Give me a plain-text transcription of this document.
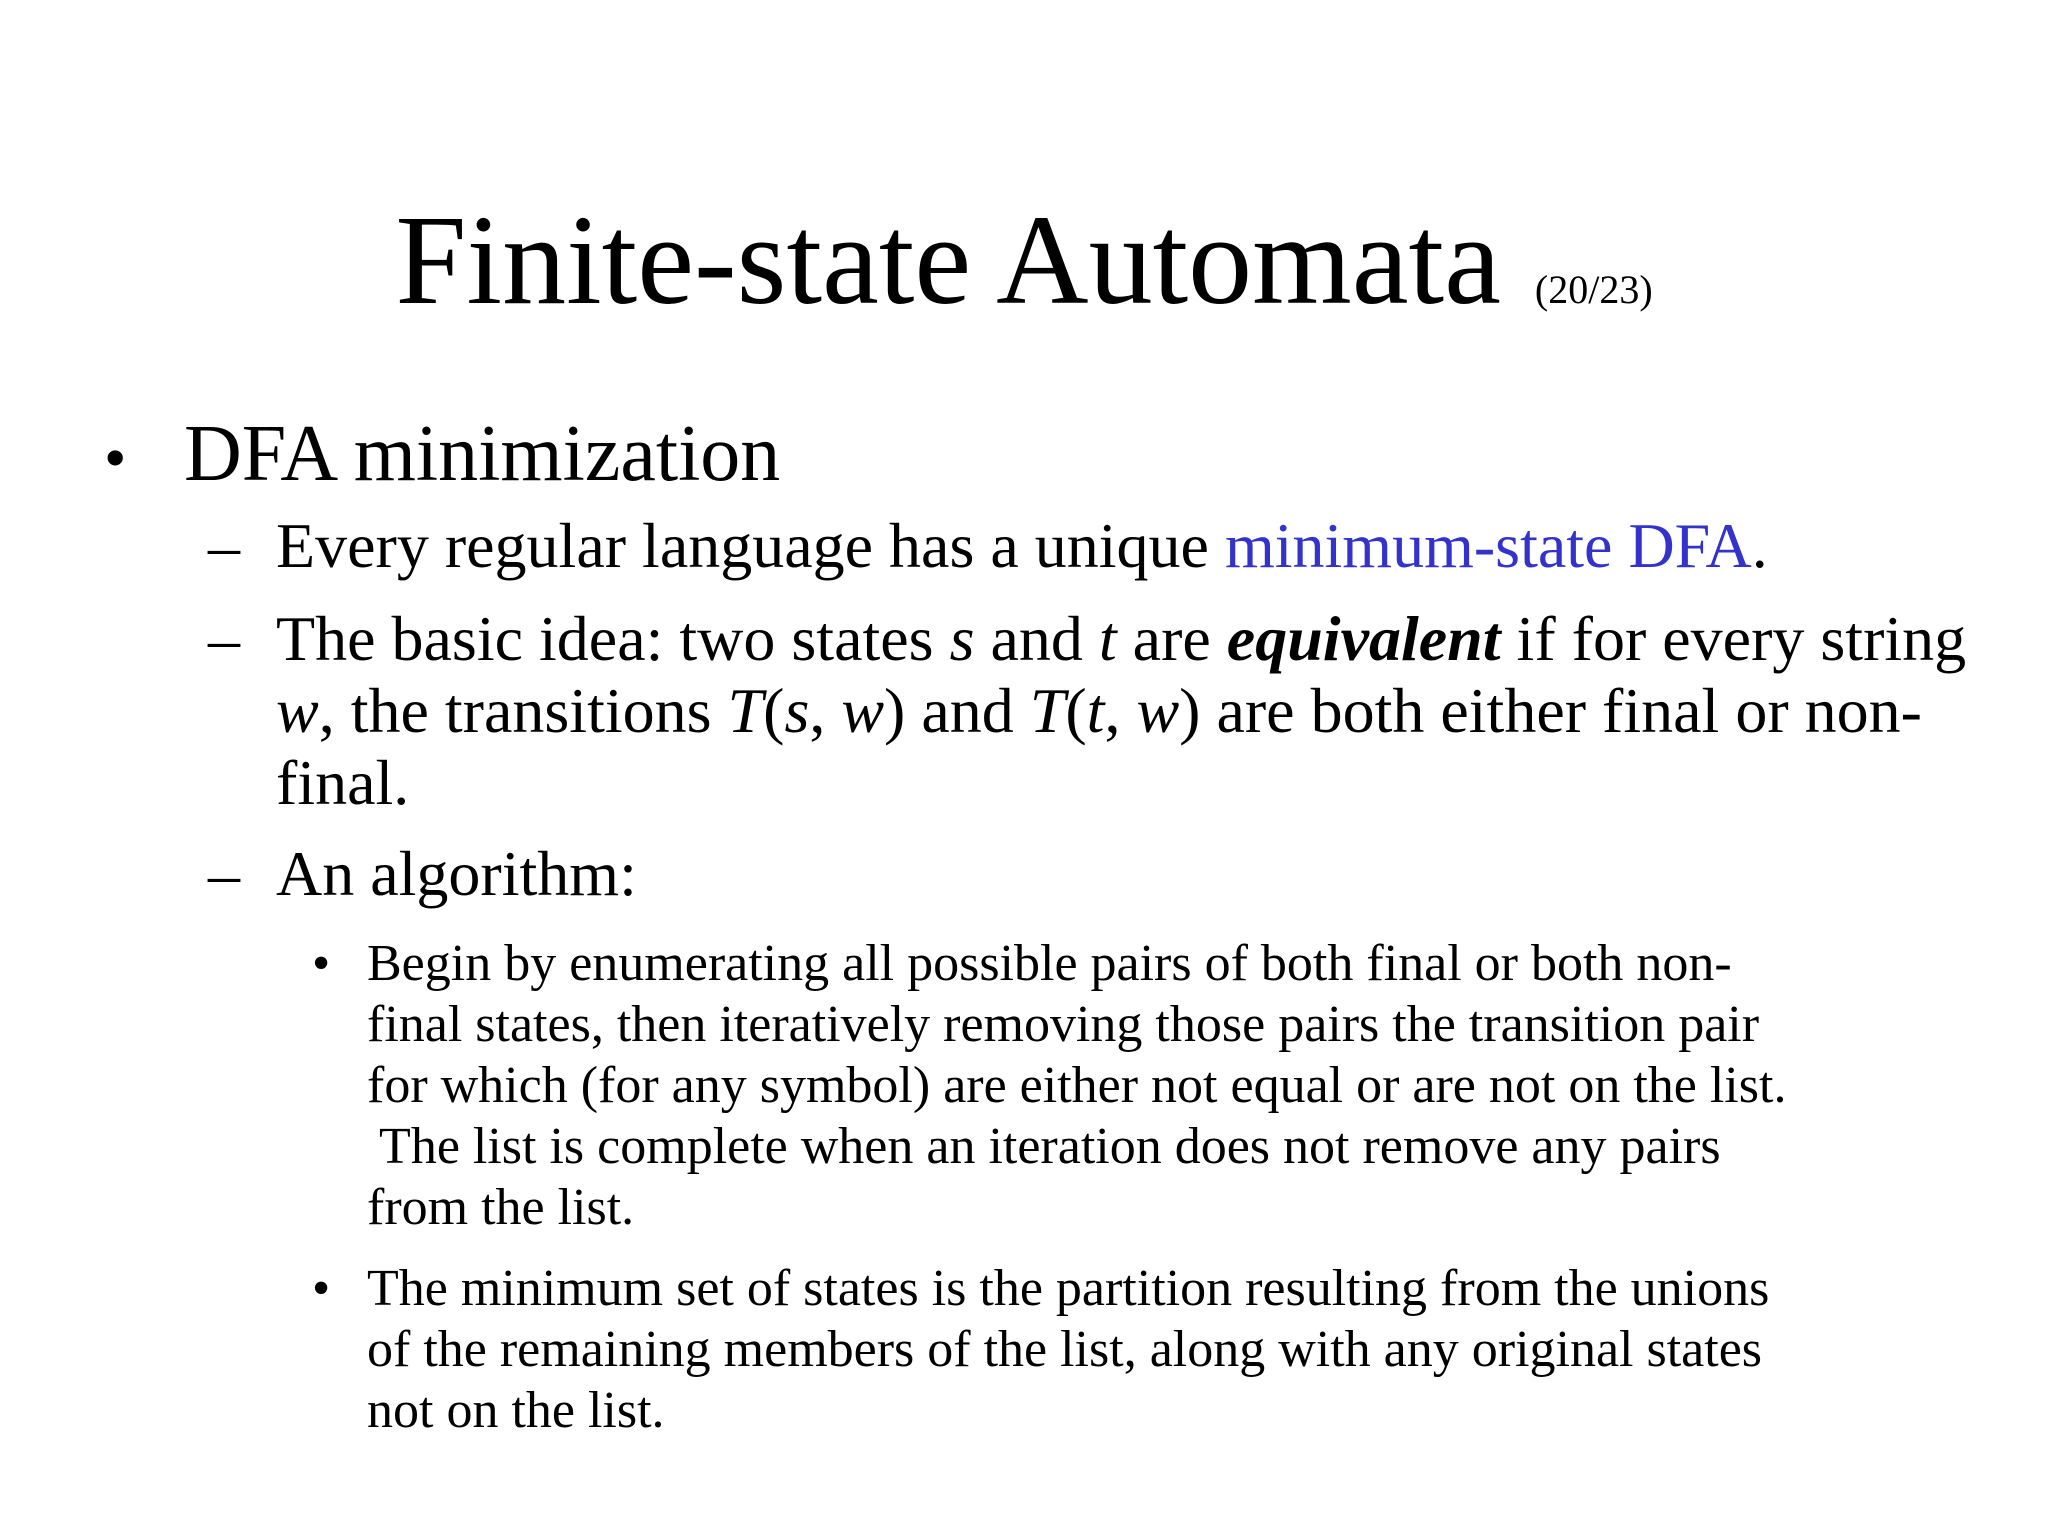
Finite-state Automata (20/23)
• DFA minimization
– Every regular language has a unique minimum-state DFA.
– The basic idea: two states s and t are equivalent if for every string w, the transitions T(s, w) and T(t, w) are both either final or non-final.
– An algorithm:
• Begin by enumerating all possible pairs of both final or both non-
final states, then iteratively removing those pairs the transition pair
for which (for any symbol) are either not equal or are not on the list.
The list is complete when an iteration does not remove any pairs
from the list.
• The minimum set of states is the partition resulting from the unions
of the remaining members of the list, along with any original states
not on the list.
